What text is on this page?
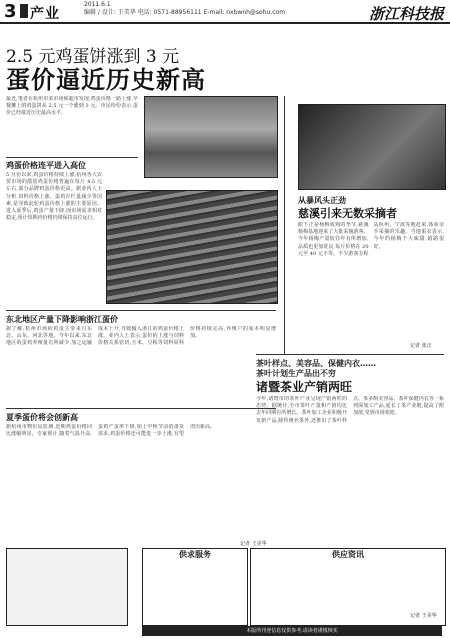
3 产业
2011.6.1
编辑 / 设计: 王美华 电话: 0571-88956111 E-mail: nxbwnh@sohu.com	浙江科技报
2.5 元鸡蛋饼涨到 3 元
蛋价逼近历史新高
最近,笔者在杭州市菜市场和超市发现,鸡蛋价格一路上涨,早餐摊上的鸡蛋饼从 2.5 元一个涨到 3 元。市民纷纷表示,蛋价已经接近历史最高水平。
鸡蛋价格连平进入高位
5 月份以来,鸡蛋价格持续上涨,杭州各大农贸市场的散装鸡蛋价格普遍在每斤 4.5 元左右,部分品牌鸡蛋价格更高。据业内人士分析,饲料价格上涨、蛋鸡存栏量减少等因素,是导致此轮鸡蛋价格上涨的主要原因。进入夏季后,鸡蛋产量下降,而市场需求相对稳定,预计短期内价格仍将保持高位运行。
东北地区产量下降影响浙江蛋价
据了解,杭州市场的鸡蛋主要来自东北、山东、河北等地。今年以来,东北地区的蛋鸡养殖量有所减少,加之运输成本上升,导致输入浙江的鸡蛋价格上涨。业内人士表示,蛋价的上涨与饲料价格关系密切,玉米、豆粕等饲料原料价格持续走高,养殖户的成本明显增加。
夏季蛋价将会创新高
据杭州市物价局监测,近期鸡蛋价格同比涨幅明显。专家预计,随着气温升高,蛋鸡产蛋率下降,加上中秋节前的备货需求,鸡蛋价格还可能进一步上涨,有望创出新高。
记者 王美华
从暴风头正劲
慈溪引来无数采摘者
眼下正是杨梅成熟的季节,慈溪杨梅基地迎来了大批采摘游客。今年杨梅产量较往年有所增加,品质也更加优良,每斤价格在 20 元至 40 元不等。不少游客专程从杭州、宁波等地赶来,体验亲手采摘的乐趣。当地果农表示,今年的杨梅个大味甜,销路很好。
记者 张正
茶叶样点、美容品、保健内衣……
茶叶计划生产品出不穷
诸暨茶业产销两旺
今年,诸暨市的茶叶产业呈现产销两旺的态势。据统计,全市茶叶产量和产值均比去年同期有所增长。茶叶加工企业积极开发新产品,除传统名茶外,还推出了茶叶样点、茶多酚美容品、茶叶保健内衣等一系列深加工产品,延长了茶产业链,提高了附加值,受到市场欢迎。
记者 王美华
供求服务	供应资讯
本版所刊登信息仅供参考,请读者谨慎核实
